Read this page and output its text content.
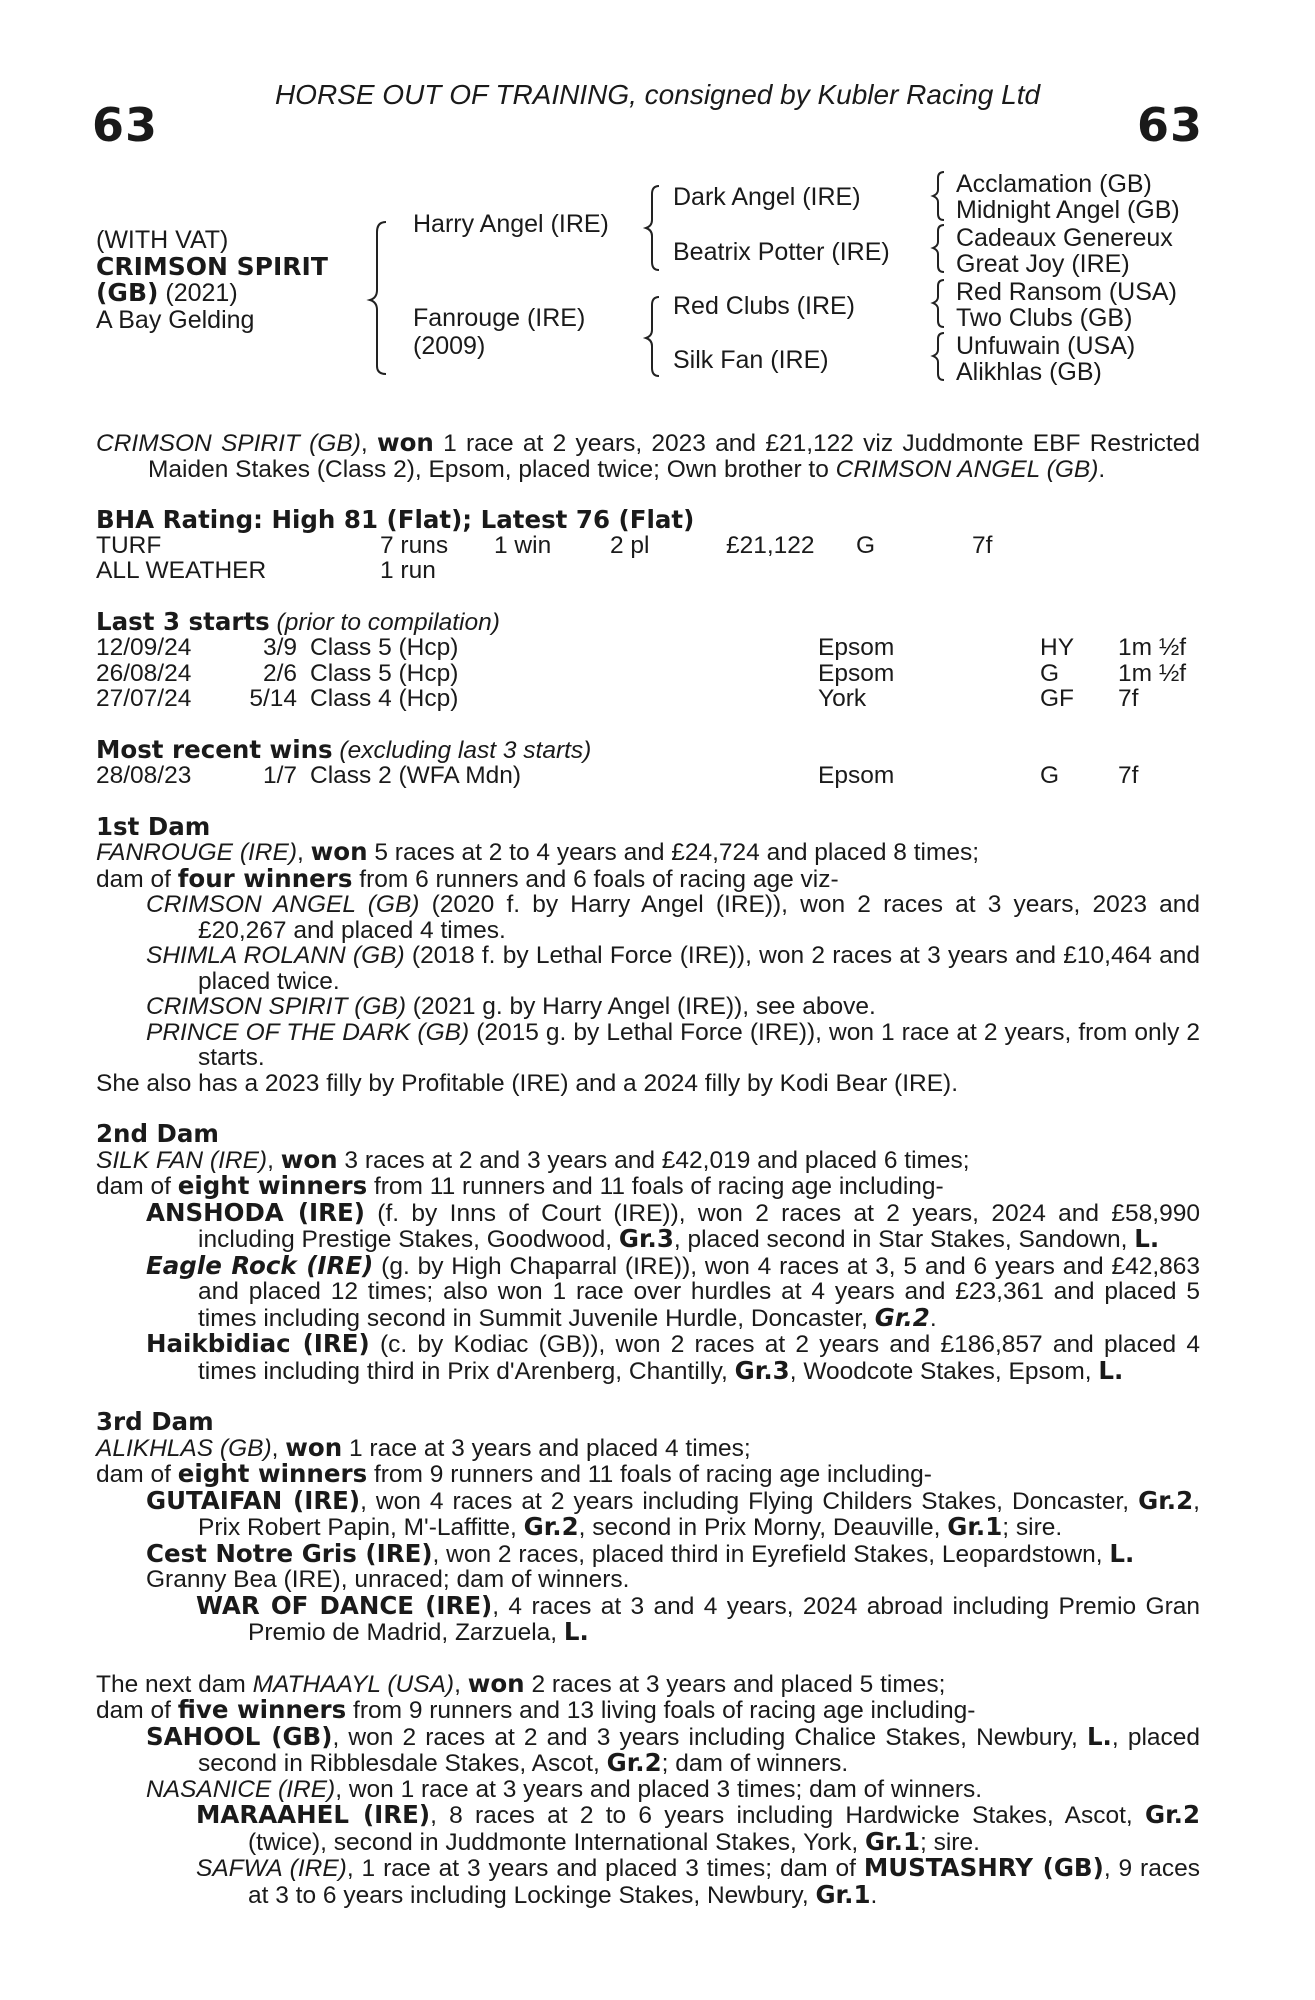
63	63
HORSE OUT OF TRAINING, consigned by Kubler Racing Ltd
(WITH VAT)
CRIMSON SPIRIT
(GB) (2021)
A Bay Gelding
Harry Angel (IRE)
Fanrouge (IRE)
(2009)
Dark Angel (IRE)
Beatrix Potter (IRE)
Red Clubs (IRE)
Silk Fan (IRE)
Acclamation (GB)
Midnight Angel (GB)
Cadeaux Genereux
Great Joy (IRE)
Red Ransom (USA)
Two Clubs (GB)
Unfuwain (USA)
Alikhlas (GB)
CRIMSON SPIRIT (GB), won 1 race at 2 years, 2023 and £21,122 viz Juddmonte EBF Restricted Maiden Stakes (Class 2), Epsom, placed twice; Own brother to CRIMSON ANGEL (GB).
BHA Rating: High 81 (Flat); Latest 76 (Flat)
TURF	7 runs 1 win 2 pl	£21,122 G	7f
ALL WEATHER	1 run
Last 3 starts (prior to compilation)
12/09/24	3/9 Class 5 (Hcp)	Epsom	HY 1m ½f
26/08/24	2/6 Class 5 (Hcp)	Epsom	G 1m ½f
27/07/24	5/14 Class 4 (Hcp)	York	GF 7f
Most recent wins (excluding last 3 starts)
28/08/23	1/7 Class 2 (WFA Mdn)	Epsom	G 7f
1st Dam
FANROUGE (IRE), won 5 races at 2 to 4 years and £24,724 and placed 8 times;
dam of four winners from 6 runners and 6 foals of racing age viz-
CRIMSON ANGEL (GB) (2020 f. by Harry Angel (IRE)), won 2 races at 3 years, 2023 and £20,267 and placed 4 times.
SHIMLA ROLANN (GB) (2018 f. by Lethal Force (IRE)), won 2 races at 3 years and £10,464 and placed twice.
CRIMSON SPIRIT (GB) (2021 g. by Harry Angel (IRE)), see above.
PRINCE OF THE DARK (GB) (2015 g. by Lethal Force (IRE)), won 1 race at 2 years, from only 2 starts.
She also has a 2023 filly by Profitable (IRE) and a 2024 filly by Kodi Bear (IRE).
2nd Dam
SILK FAN (IRE), won 3 races at 2 and 3 years and £42,019 and placed 6 times;
dam of eight winners from 11 runners and 11 foals of racing age including-
ANSHODA (IRE) (f. by Inns of Court (IRE)), won 2 races at 2 years, 2024 and £58,990 including Prestige Stakes, Goodwood, Gr.3, placed second in Star Stakes, Sandown, L.
Eagle Rock (IRE) (g. by High Chaparral (IRE)), won 4 races at 3, 5 and 6 years and £42,863 and placed 12 times; also won 1 race over hurdles at 4 years and £23,361 and placed 5 times including second in Summit Juvenile Hurdle, Doncaster, Gr.2.
Haikbidiac (IRE) (c. by Kodiac (GB)), won 2 races at 2 years and £186,857 and placed 4 times including third in Prix d'Arenberg, Chantilly, Gr.3, Woodcote Stakes, Epsom, L.
3rd Dam
ALIKHLAS (GB), won 1 race at 3 years and placed 4 times;
dam of eight winners from 9 runners and 11 foals of racing age including-
GUTAIFAN (IRE), won 4 races at 2 years including Flying Childers Stakes, Doncaster, Gr.2, Prix Robert Papin, M'-Laffitte, Gr.2, second in Prix Morny, Deauville, Gr.1; sire.
Cest Notre Gris (IRE), won 2 races, placed third in Eyrefield Stakes, Leopardstown, L.
Granny Bea (IRE), unraced; dam of winners.
WAR OF DANCE (IRE), 4 races at 3 and 4 years, 2024 abroad including Premio Gran Premio de Madrid, Zarzuela, L.
The next dam MATHAAYL (USA), won 2 races at 3 years and placed 5 times;
dam of five winners from 9 runners and 13 living foals of racing age including-
SAHOOL (GB), won 2 races at 2 and 3 years including Chalice Stakes, Newbury, L., placed second in Ribblesdale Stakes, Ascot, Gr.2; dam of winners.
NASANICE (IRE), won 1 race at 3 years and placed 3 times; dam of winners.
MARAAHEL (IRE), 8 races at 2 to 6 years including Hardwicke Stakes, Ascot, Gr.2 (twice), second in Juddmonte International Stakes, York, Gr.1; sire.
SAFWA (IRE), 1 race at 3 years and placed 3 times; dam of MUSTASHRY (GB), 9 races at 3 to 6 years including Lockinge Stakes, Newbury, Gr.1.
